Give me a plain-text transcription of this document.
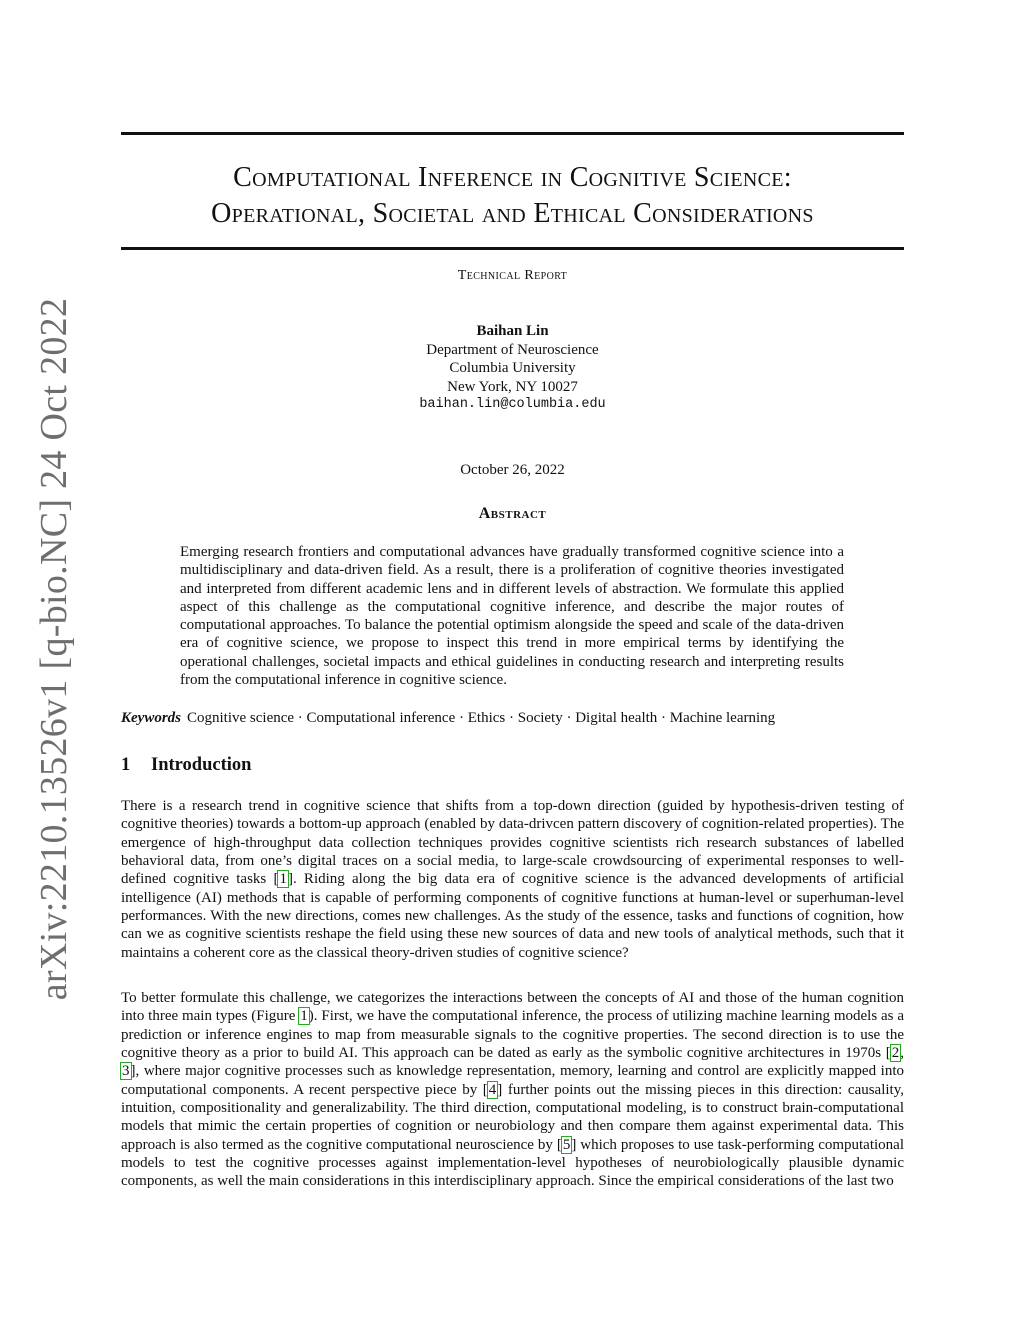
arXiv:2210.13526v1 [q-bio.NC] 24 Oct 2022
Computational Inference in Cognitive Science:
Operational, Societal and Ethical Considerations
Technical Report
Baihan Lin
Department of Neuroscience
Columbia University
New York, NY 10027
baihan.lin@columbia.edu
October 26, 2022
Abstract
Emerging research frontiers and computational advances have gradually transformed cognitive science into a multidisciplinary and data-driven field. As a result, there is a proliferation of cognitive theories investigated and interpreted from different academic lens and in different levels of abstraction. We formulate this applied aspect of this challenge as the computational cognitive inference, and describe the major routes of computational approaches. To balance the potential optimism alongside the speed and scale of the data-driven era of cognitive science, we propose to inspect this trend in more empirical terms by identifying the operational challenges, societal impacts and ethical guidelines in conducting research and interpreting results from the computational inference in cognitive science.
Keywords Cognitive science · Computational inference · Ethics · Society · Digital health · Machine learning
1 Introduction
There is a research trend in cognitive science that shifts from a top-down direction (guided by hypothesis-driven testing of cognitive theories) towards a bottom-up approach (enabled by data-drivcen pattern discovery of cognition-related properties). The emergence of high-throughput data collection techniques provides cognitive scientists rich research substances of labelled behavioral data, from one’s digital traces on a social media, to large-scale crowdsourcing of experimental responses to well-defined cognitive tasks [1]. Riding along the big data era of cognitive science is the advanced developments of artificial intelligence (AI) methods that is capable of performing components of cognitive functions at human-level or superhuman-level performances. With the new directions, comes new challenges. As the study of the essence, tasks and functions of cognition, how can we as cognitive scientists reshape the field using these new sources of data and new tools of analytical methods, such that it maintains a coherent core as the classical theory-driven studies of cognitive science?
To better formulate this challenge, we categorizes the interactions between the concepts of AI and those of the human cognition into three main types (Figure 1). First, we have the computational inference, the process of utilizing machine learning models as a prediction or inference engines to map from measurable signals to the cognitive properties. The second direction is to use the cognitive theory as a prior to build AI. This approach can be dated as early as the symbolic cognitive architectures in 1970s [2, 3], where major cognitive processes such as knowledge representation, memory, learning and control are explicitly mapped into computational components. A recent perspective piece by [4] further points out the missing pieces in this direction: causality, intuition, compositionality and generalizability. The third direction, computational modeling, is to construct brain-computational models that mimic the certain properties of cognition or neurobiology and then compare them against experimental data. This approach is also termed as the cognitive computational neuroscience by [5] which proposes to use task-performing computational models to test the cognitive processes against implementation-level hypotheses of neurobiologically plausible dynamic components, as well the main considerations in this interdisciplinary approach. Since the empirical considerations of the last two
